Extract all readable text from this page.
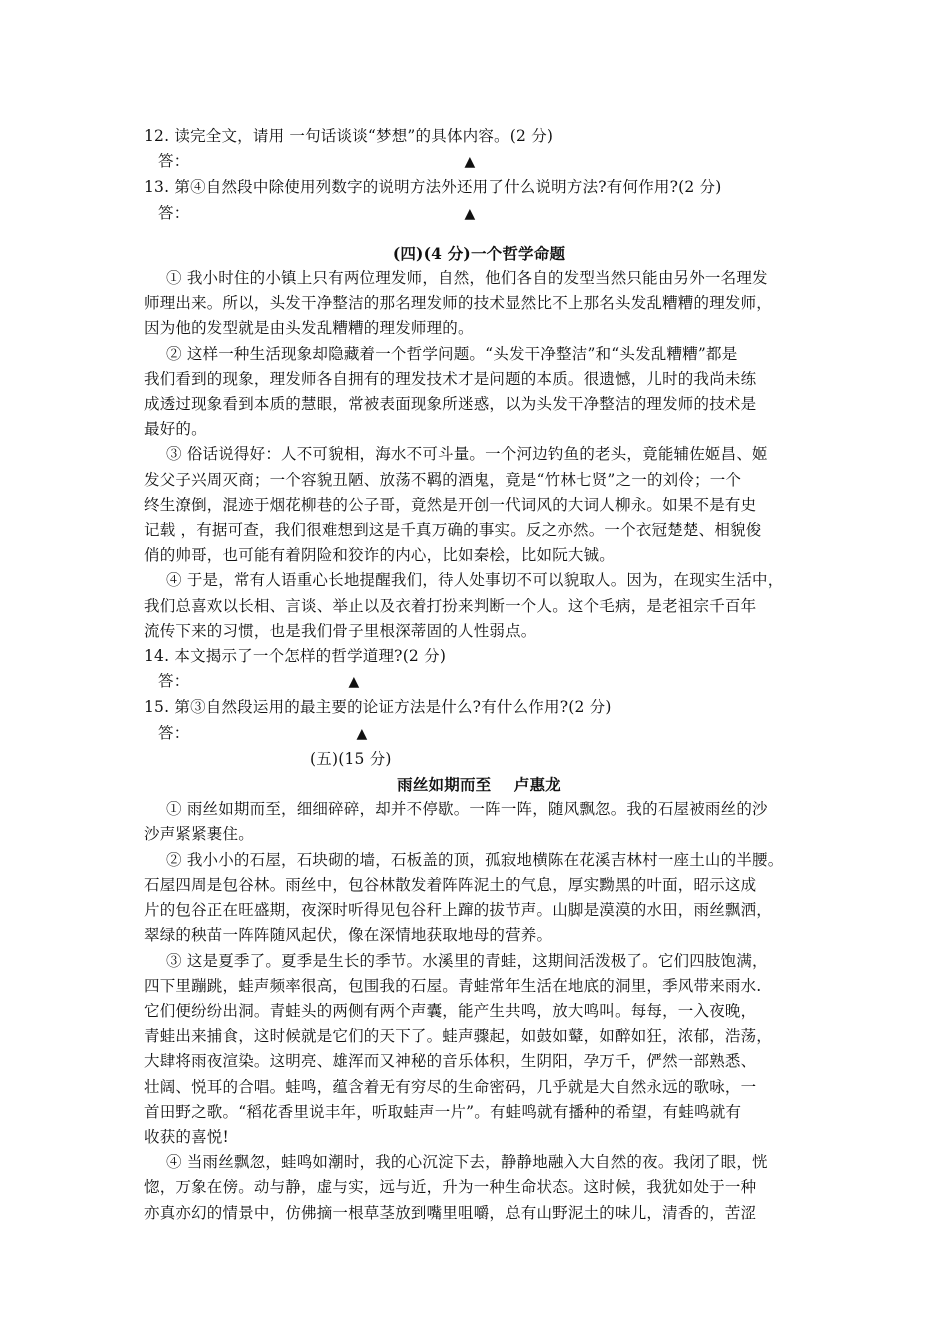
12. 读完全文，请用 一句话谈谈“梦想”的具体内容。(2 分)
答：	▲
13. 第④自然段中除使用列数字的说明方法外还用了什么说明方法?有何作用?(2 分)
答：	▲
(四)(4 分)一个哲学命题
① 我小时住的小镇上只有两位理发师，自然，他们各自的发型当然只能由另外一名理发
师理出来。所以，头发干净整洁的那名理发师的技术显然比不上那名头发乱糟糟的理发师，
因为他的发型就是由头发乱糟糟的理发师理的。
② 这样一种生活现象却隐藏着一个哲学问题。“头发干净整洁”和“头发乱糟糟”都是
我们看到的现象，理发师各自拥有的理发技术才是问题的本质。很遗憾，儿时的我尚未练
成透过现象看到本质的慧眼，常被表面现象所迷惑，以为头发干净整洁的理发师的技术是
最好的。
③ 俗话说得好：人不可貌相，海水不可斗量。一个河边钓鱼的老头，竟能辅佐姬昌、姬
发父子兴周灭商；一个容貌丑陋、放荡不羁的酒鬼，竟是“竹林七贤”之一的刘伶；一个
终生潦倒，混迹于烟花柳巷的公子哥，竟然是开创一代词风的大词人柳永。如果不是有史
记载 ，有据可查，我们很难想到这是千真万确的事实。反之亦然。一个衣冠楚楚、相貌俊
俏的帅哥，也可能有着阴险和狡诈的内心，比如秦桧，比如阮大铖。
④ 于是，常有人语重心长地提醒我们，待人处事切不可以貌取人。因为，在现实生活中，
我们总喜欢以长相、言谈、举止以及衣着打扮来判断一个人。这个毛病，是老祖宗千百年
流传下来的习惯，也是我们骨子里根深蒂固的人性弱点。
14. 本文揭示了一个怎样的哲学道理?(2 分)
答：	▲
15. 第③自然段运用的最主要的论证方法是什么?有什么作用?(2 分)
答：	▲
(五)(15 分)
雨丝如期而至    卢惠龙
① 雨丝如期而至，细细碎碎，却并不停歇。一阵一阵，随风飘忽。我的石屋被雨丝的沙
沙声紧紧裹住。
② 我小小的石屋，石块砌的墙，石板盖的顶，孤寂地横陈在花溪吉林村一座土山的半腰。
石屋四周是包谷林。雨丝中，包谷林散发着阵阵泥土的气息，厚实黝黑的叶面，昭示这成
片的包谷正在旺盛期，夜深时听得见包谷秆上蹿的拔节声。山脚是漠漠的水田，雨丝飘洒，
翠绿的秧苗一阵阵随风起伏，像在深情地获取地母的营养。
③ 这是夏季了。夏季是生长的季节。水溪里的青蛙，这期间活泼极了。它们四肢饱满，
四下里蹦跳，蛙声频率很高，包围我的石屋。青蛙常年生活在地底的洞里，季风带来雨水.
它们便纷纷出洞。青蛙头的两侧有两个声囊，能产生共鸣，放大鸣叫。每每，一入夜晚，
青蛙出来捕食，这时候就是它们的天下了。蛙声骤起，如鼓如鼙，如醉如狂，浓郁，浩荡，
大肆将雨夜渲染。这明亮、雄浑而又神秘的音乐体积，生阴阳，孕万千，俨然一部熟悉、
壮阔、悦耳的合唱。蛙鸣，蕴含着无有穷尽的生命密码，几乎就是大自然永远的歌咏，一
首田野之歌。“稻花香里说丰年，听取蛙声一片”。有蛙鸣就有播种的希望，有蛙鸣就有
收获的喜悦!
④ 当雨丝飘忽，蛙鸣如潮时，我的心沉淀下去，静静地融入大自然的夜。我闭了眼，恍
惚，万象在傍。动与静，虚与实，远与近，升为一种生命状态。这时候，我犹如处于一种
亦真亦幻的情景中，仿佛摘一根草茎放到嘴里咀嚼，总有山野泥土的味儿，清香的，苦涩
